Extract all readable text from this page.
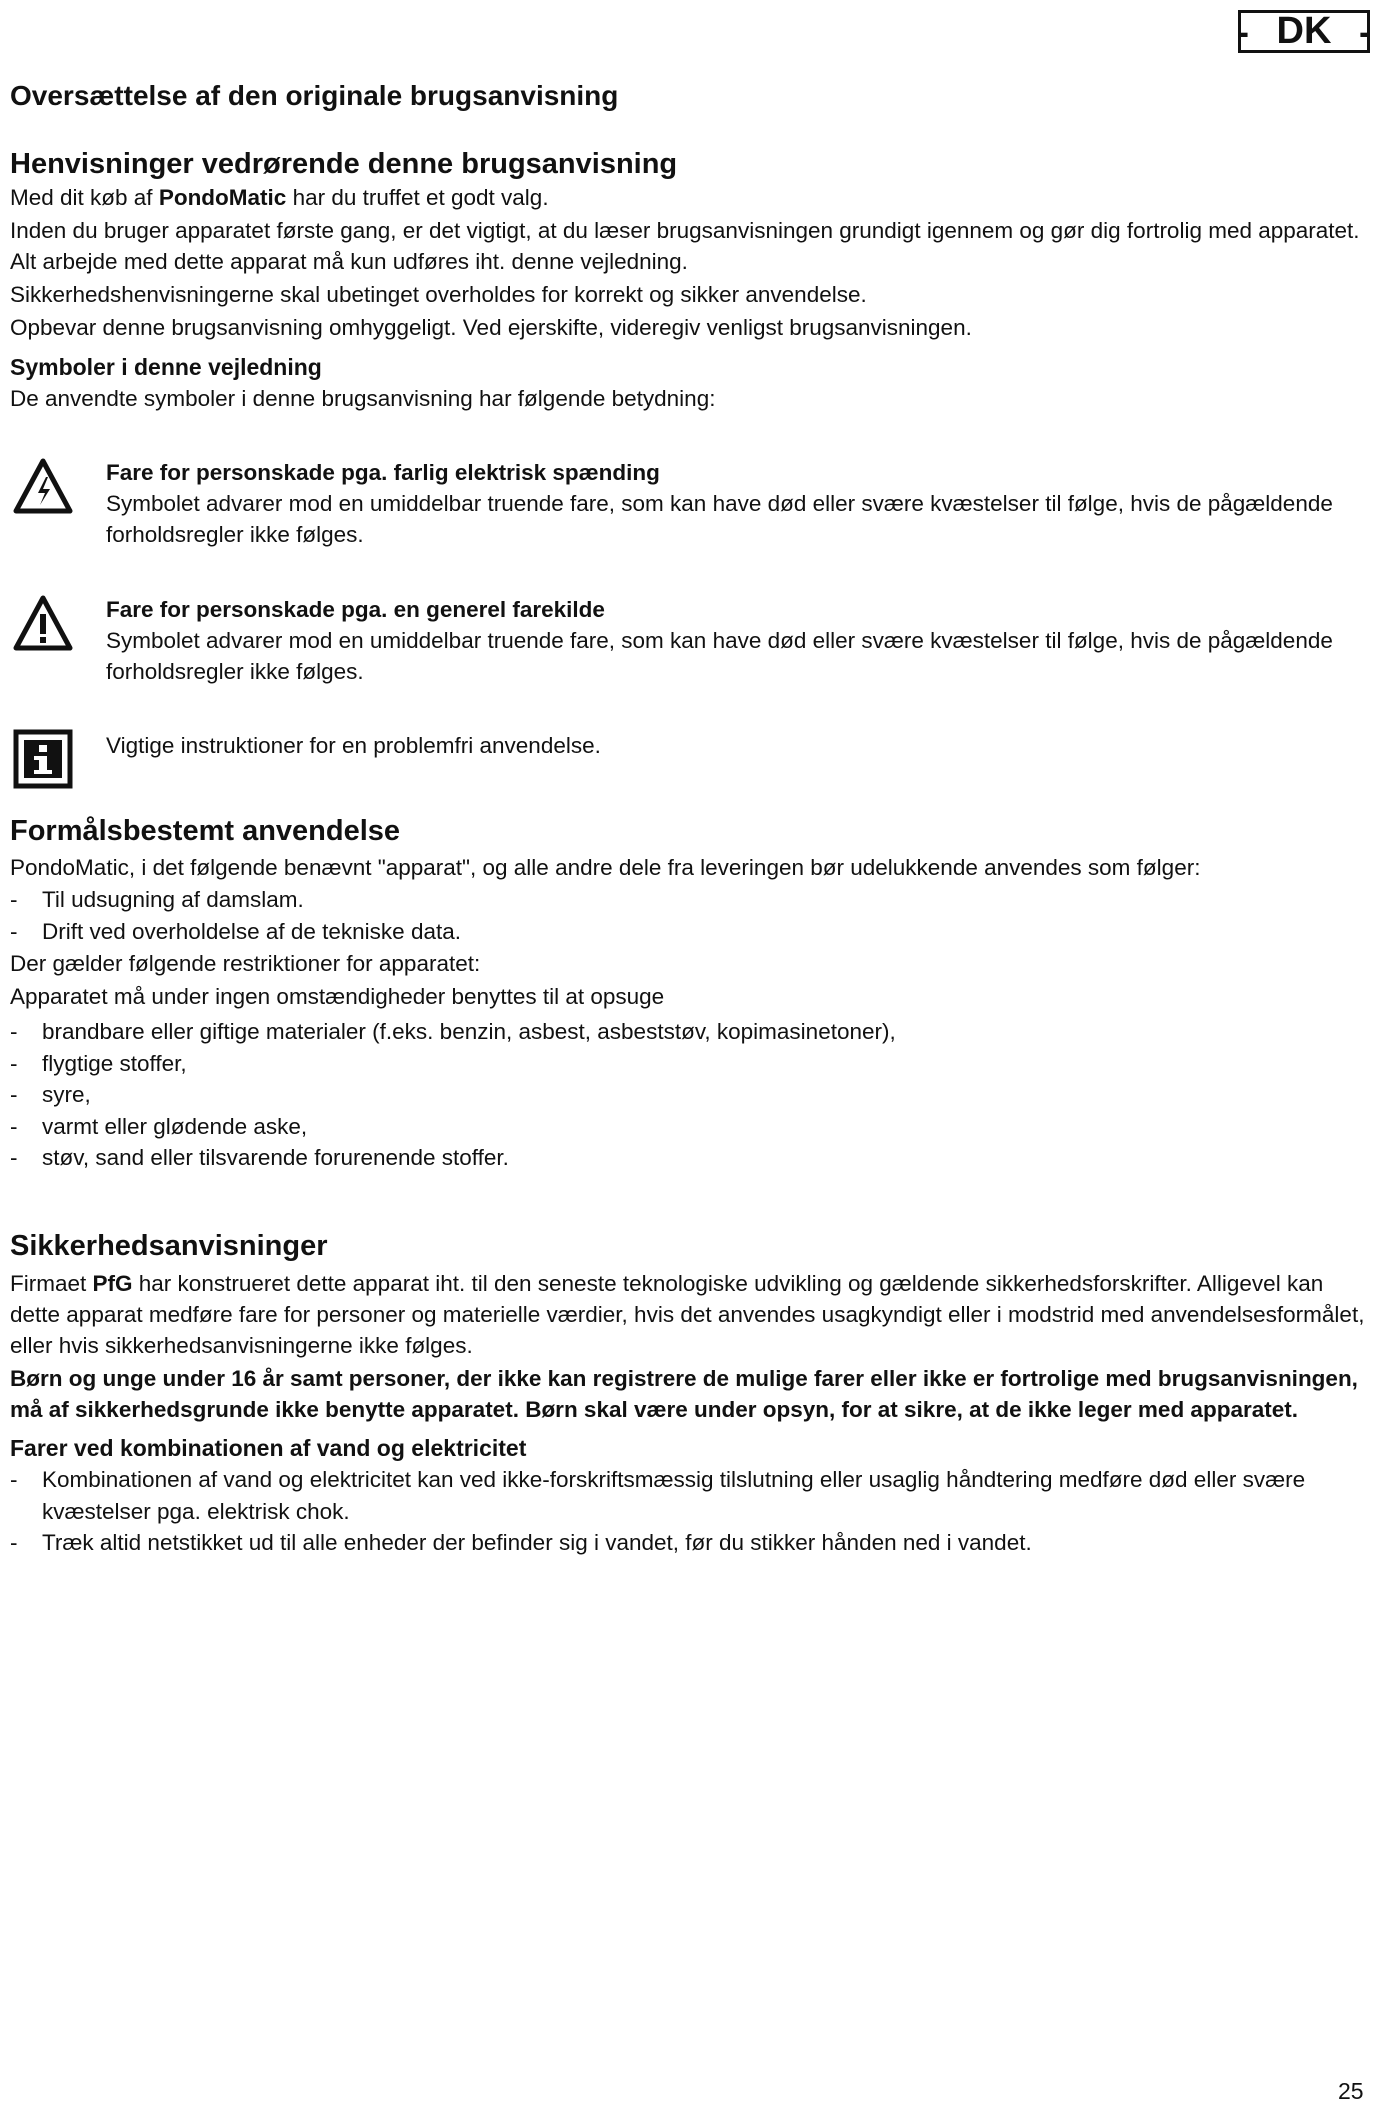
- DK -
Oversættelse af den originale brugsanvisning
Henvisninger vedrørende denne brugsanvisning

Med dit køb af PondoMatic har du truffet et godt valg.

Inden du bruger apparatet første gang, er det vigtigt, at du læser brugsanvisningen grundigt igennem og gør dig fortrolig med apparatet. Alt arbejde med dette apparat må kun udføres iht. denne vejledning.

Sikkerhedshenvisningerne skal ubetinget overholdes for korrekt og sikker anvendelse.

Opbevar denne brugsanvisning omhyggeligt. Ved ejerskifte, videregiv venligst brugsanvisningen.

Symboler i denne vejledning

De anvendte symboler i denne brugsanvisning har følgende betydning:

Fare for personskade pga. farlig elektrisk spænding

Symbolet advarer mod en umiddelbar truende fare, som kan have død eller svære kvæstelser til følge, hvis de pågældende forholdsregler ikke følges.

Fare for personskade pga. en generel farekilde

Symbolet advarer mod en umiddelbar truende fare, som kan have død eller svære kvæstelser til følge, hvis de pågældende forholdsregler ikke følges.

Vigtige instruktioner for en problemfri anvendelse.

Formålsbestemt anvendelse

PondoMatic, i det følgende benævnt "apparat", og alle andre dele fra leveringen bør udelukkende anvendes som følger:

- Til udsugning af damslam.
- Drift ved overholdelse af de tekniske data.

Der gælder følgende restriktioner for apparatet:

Apparatet må under ingen omstændigheder benyttes til at opsuge

- brandbare eller giftige materialer (f.eks. benzin, asbest, asbeststøv, kopimasinetoner),
- flygtige stoffer,
- syre,
- varmt eller glødende aske,
- støv, sand eller tilsvarende forurenende stoffer.
Sikkerhedsanvisninger

Firmaet PfG har konstrueret dette apparat iht. til den seneste teknologiske udvikling og gældende sikkerhedsforskrifter. Alligevel kan dette apparat medføre fare for personer og materielle værdier, hvis det anvendes usagkyndigt eller i modstrid med anvendelsesformålet, eller hvis sikkerhedsanvisningerne ikke følges.

Børn og unge under 16 år samt personer, der ikke kan registrere de mulige farer eller ikke er fortrolige med brugsanvisningen, må af sikkerhedsgrunde ikke benytte apparatet. Børn skal være under opsyn, for at sikre, at de ikke leger med apparatet.

Farer ved kombinationen af vand og elektricitet
- Kombinationen af vand og elektricitet kan ved ikke-forskriftsmæssig tilslutning eller usaglig håndtering medføre død eller svære kvæstelser pga. elektrisk chok.
- Træk altid netstikket ud til alle enheder der befinder sig i vandet, før du stikker hånden ned i vandet.
25
